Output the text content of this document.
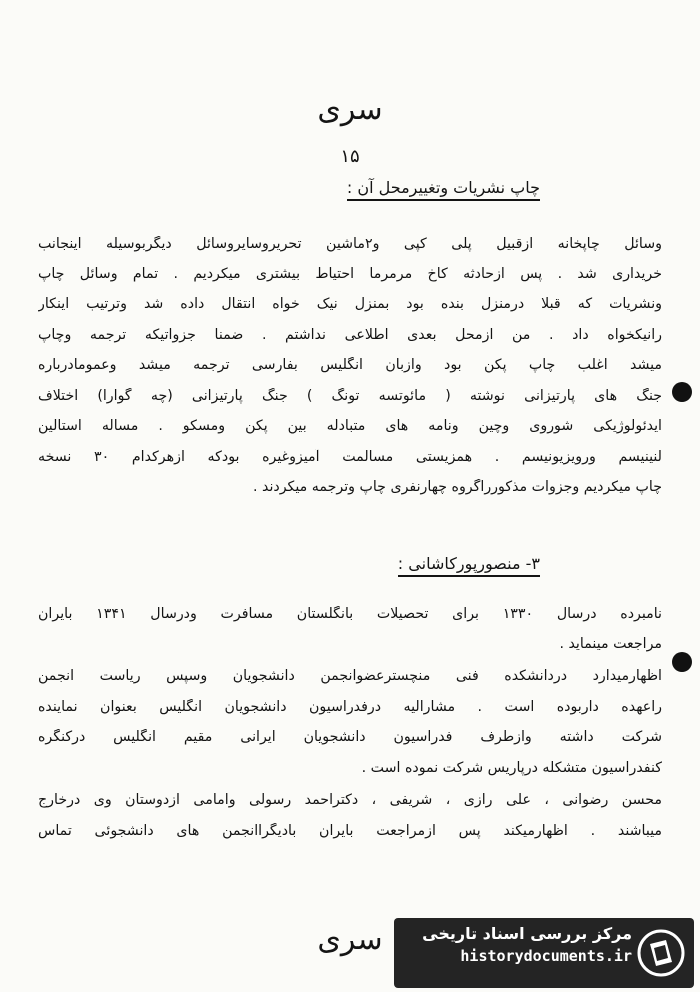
سری
۱۵
چاپ نشریات وتغییرمحل آن :
وسائل چاپخانه ازقبیل پلی کپی و۲ماشین تحریروسایروسائل دیگربوسیله اینجانب
خریداری شد . پس ازحادثه کاخ مرمرما احتیاط بیشتری میکردیم . تمام وسائل چاپ
ونشریات که قبلا درمنزل بنده بود بمنزل نیک خواه انتقال داده شد وترتیب اینکار
رانیکخواه داد . من ازمحل بعدی اطلاعی نداشتم . ضمنا جزواتیکه ترجمه وچاپ
میشد اغلب چاپ پکن بود وازبان انگلیس بفارسی ترجمه میشد وعمومادرباره
جنگ های پارتیزانی نوشته ( مائوتسه تونگ ) جنگ پارتیزانی (چه گوارا) اختلاف
ایدئولوژیکی شوروی وچین ونامه های متبادله بین پکن ومسکو . مساله استالین
لنینیسم ورویزیونیسم . همزیستی مسالمت آمیزوغیره بودکه ازهرکدام ۳۰ نسخه
چاپ میکردیم وجزوات مذکورراگروه چهارنفری چاپ وترجمه میکردند .
۳- منصورپورکاشانی :
نامبرده درسال ۱۳۳۰ برای تحصیلات بانگلستان مسافرت ودرسال ۱۳۴۱ بایران
مراجعت مینماید .
اظهارمیدارد دردانشکده فنی منچسترعضوانجمن دانشجویان وسپس ریاست انجمن
راعهده داربوده است . مشارالیه درفدراسیون دانشجویان انگلیس بعنوان نماینده
شرکت داشته وازطرف فدراسیون دانشجویان ایرانی مقیم انگلیس درکنگره
کنفدراسیون متشکله درپاریس شرکت نموده است .
محسن رضوانی ، علی رازی ، شریفی ، دکتراحمد رسولی وامامی ازدوستان وی درخارج
میباشند . اظهارمیکند پس ازمراجعت بایران بادیگراانجمن های دانشجوئی تماس
سری	مرکز بررسی اسناد تاریخی
historydocuments.ir
